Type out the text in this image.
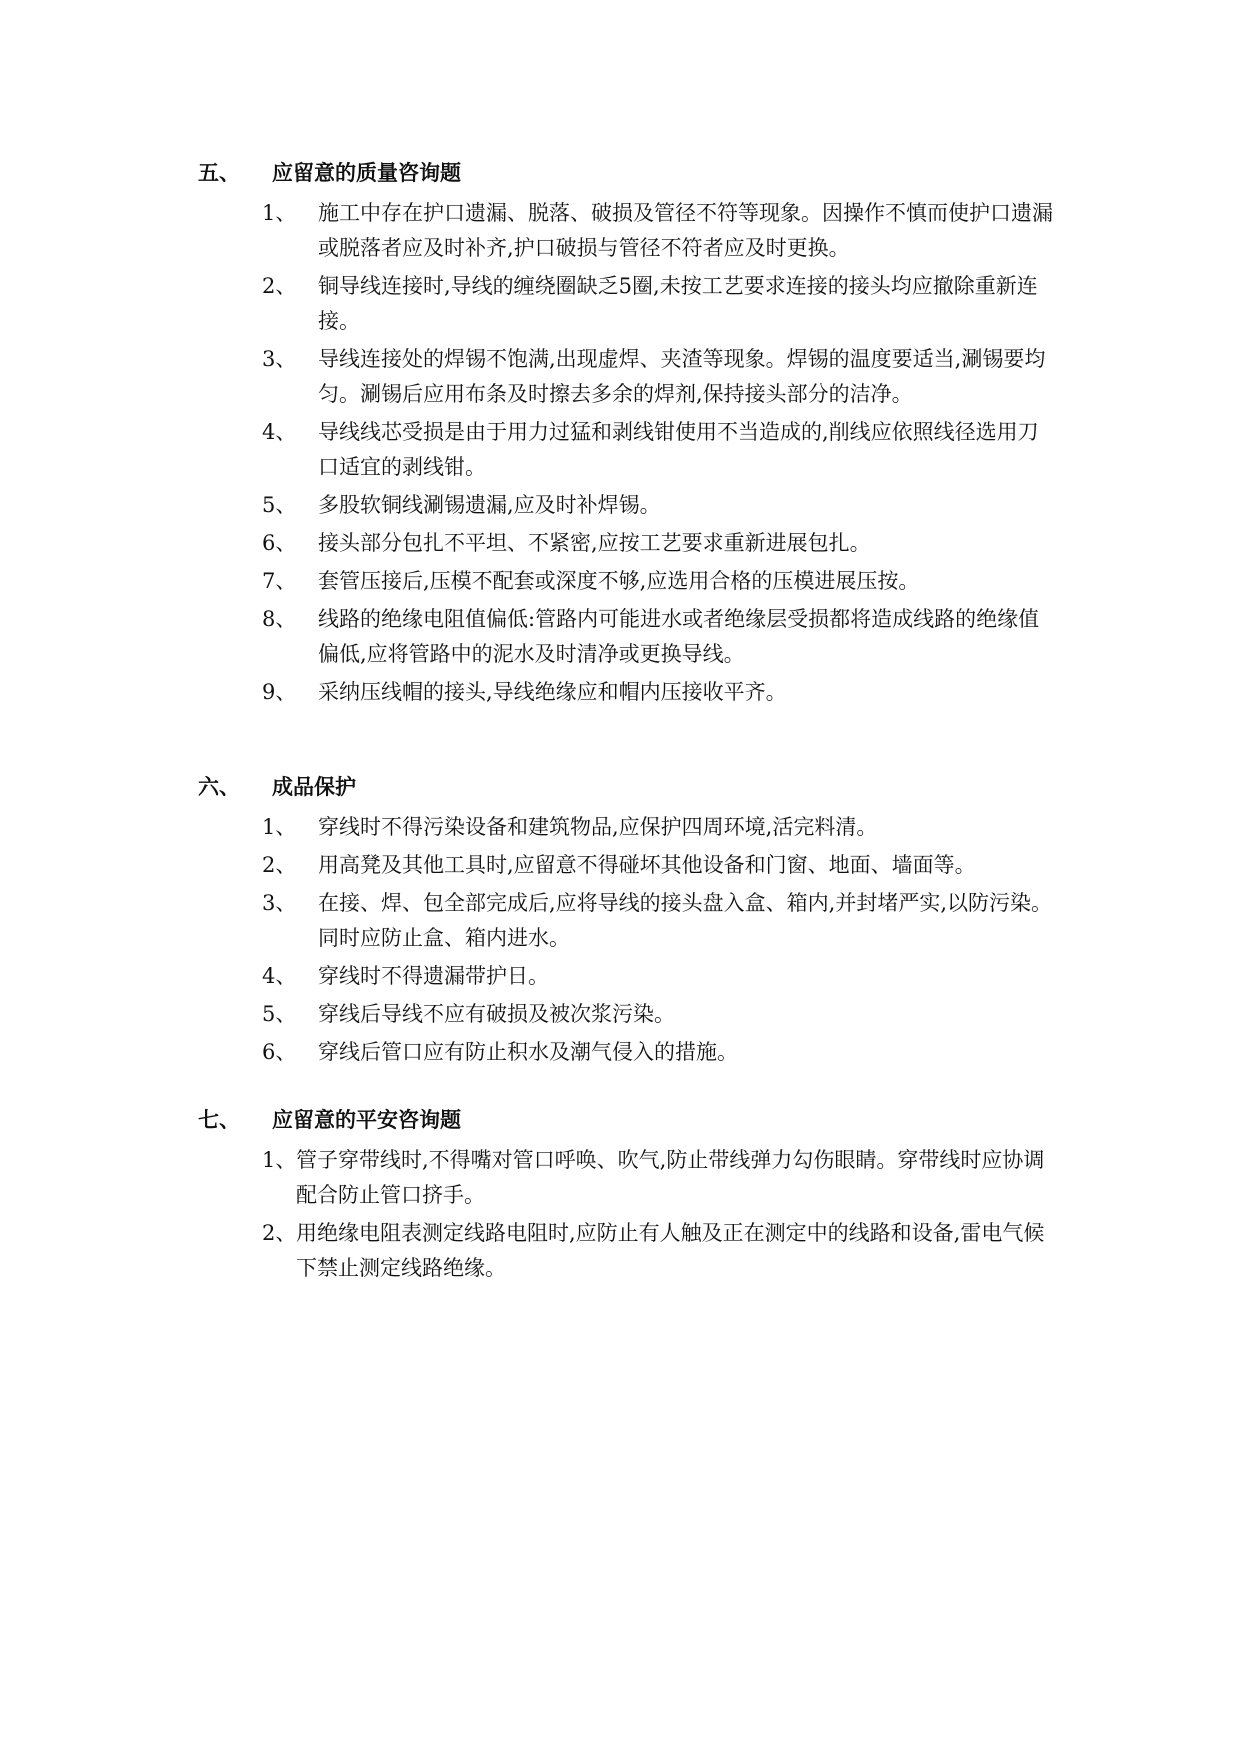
五、 应留意的质量咨询题
1、 施工中存在护口遗漏、脱落、破损及管径不符等现象。因操作不慎而使护口遗漏或脱落者应及时补齐,护口破损与管径不符者应及时更换。
2、 铜导线连接时,导线的缠绕圈缺乏5圈,未按工艺要求连接的接头均应撤除重新连接。
3、 导线连接处的焊锡不饱满,出现虚焊、夹渣等现象。焊锡的温度要适当,涮锡要均匀。涮锡后应用布条及时擦去多余的焊剂,保持接头部分的洁净。
4、 导线线芯受损是由于用力过猛和剥线钳使用不当造成的,削线应依照线径选用刀口适宜的剥线钳。
5、 多股软铜线涮锡遗漏,应及时补焊锡。
6、 接头部分包扎不平坦、不紧密,应按工艺要求重新进展包扎。
7、 套管压接后,压模不配套或深度不够,应选用合格的压模进展压按。
8、 线路的绝缘电阻值偏低:管路内可能进水或者绝缘层受损都将造成线路的绝缘值偏低,应将管路中的泥水及时清净或更换导线。
9、 采纳压线帽的接头,导线绝缘应和帽内压接收平齐。
六、 成品保护
1、 穿线时不得污染设备和建筑物品,应保护四周环境,活完料清。
2、 用高凳及其他工具时,应留意不得碰坏其他设备和门窗、地面、墙面等。
3、 在接、焊、包全部完成后,应将导线的接头盘入盒、箱内,并封堵严实,以防污染。同时应防止盒、箱内进水。
4、 穿线时不得遗漏带护日。
5、 穿线后导线不应有破损及被次浆污染。
6、 穿线后管口应有防止积水及潮气侵入的措施。
七、 应留意的平安咨询题
1、 管子穿带线时,不得嘴对管口呼唤、吹气,防止带线弹力勾伤眼睛。穿带线时应协调配合防止管口挤手。
2、 用绝缘电阻表测定线路电阻时,应防止有人触及正在测定中的线路和设备,雷电气候下禁止测定线路绝缘。
